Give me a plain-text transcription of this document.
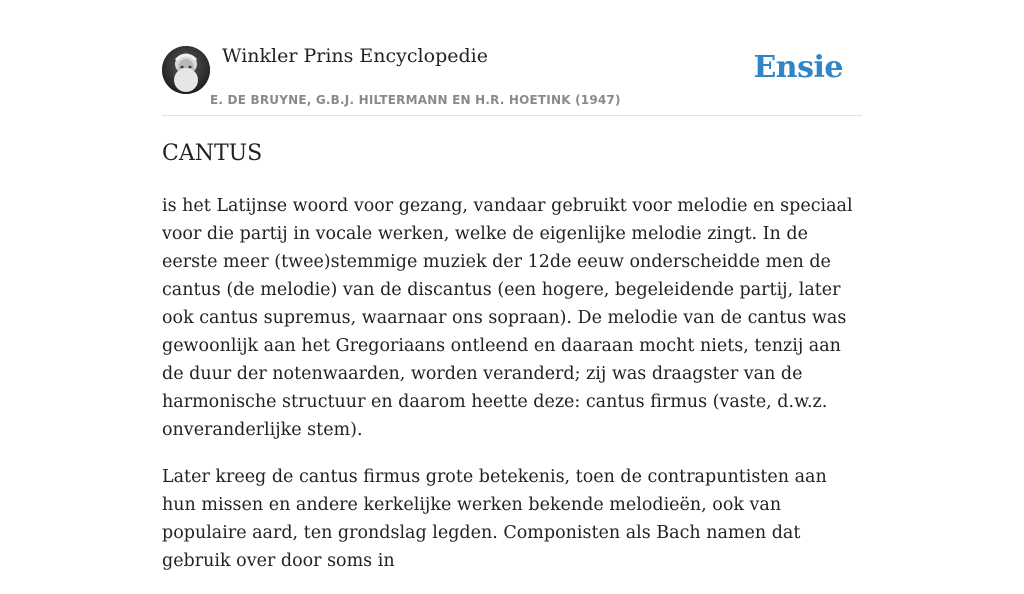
Winkler Prins Encyclopedie
E. DE BRUYNE, G.B.J. HILTERMANN EN H.R. HOETINK (1947)
Ensie
CANTUS

is het Latijnse woord voor gezang, vandaar gebruikt voor melodie en speciaal voor die partij in vocale werken, welke de eigenlijke melodie zingt. In de eerste meer (twee)stemmige muziek der 12de eeuw onderscheidde men de cantus (de melodie) van de discantus (een hogere, begeleidende partij, later ook cantus supremus, waarnaar ons sopraan). De melodie van de cantus was gewoonlijk aan het Gregoriaans ontleend en daaraan mocht niets, tenzij aan de duur der notenwaarden, worden veranderd; zij was draagster van de harmonische structuur en daarom heette deze: cantus firmus (vaste, d.w.z. onveranderlijke stem).

Later kreeg de cantus firmus grote betekenis, toen de contrapuntisten aan hun missen en andere kerkelijke werken bekende melodieën, ook van populaire aard, ten grondslag legden. Componisten als Bach namen dat gebruik over door soms in
